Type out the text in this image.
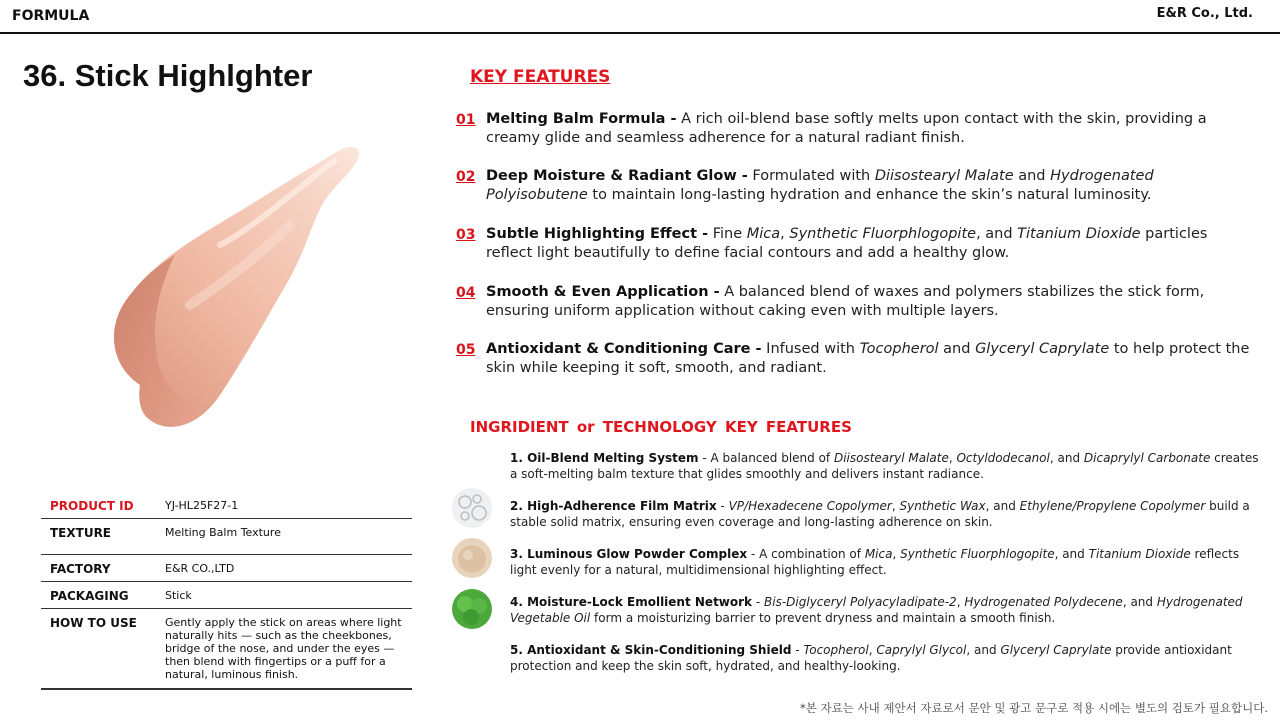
FORMULA	E&R Co., Ltd.
36. Stick Highlghter
PRODUCT ID	YJ-HL25F27-1
TEXTURE	Melting Balm Texture
FACTORY	E&R CO.,LTD
PACKAGING	Stick
HOW TO USE	Gently apply the stick on areas where light naturally hits — such as the cheekbones, bridge of the nose, and under the eyes — then blend with fingertips or a puff for a natural, luminous finish.
KEY FEATURES
01 Melting Balm Formula - A rich oil-blend base softly melts upon contact with the skin, providing a creamy glide and seamless adherence for a natural radiant finish.
02 Deep Moisture & Radiant Glow - Formulated with Diisostearyl Malate and Hydrogenated Polyisobutene to maintain long-lasting hydration and enhance the skin’s natural luminosity.
03 Subtle Highlighting Effect - Fine Mica, Synthetic Fluorphlogopite, and Titanium Dioxide particles reflect light beautifully to define facial contours and add a healthy glow.
04 Smooth & Even Application - A balanced blend of waxes and polymers stabilizes the stick form, ensuring uniform application without caking even with multiple layers.
05 Antioxidant & Conditioning Care - Infused with Tocopherol and Glyceryl Caprylate to help protect the skin while keeping it soft, smooth, and radiant.
INGRIDIENT or TECHNOLOGY KEY FEATURES
1. Oil-Blend Melting System - A balanced blend of Diisostearyl Malate, Octyldodecanol, and Dicaprylyl Carbonate creates a soft-melting balm texture that glides smoothly and delivers instant radiance.
2. High-Adherence Film Matrix - VP/Hexadecene Copolymer, Synthetic Wax, and Ethylene/Propylene Copolymer build a stable solid matrix, ensuring even coverage and long-lasting adherence on skin.
3. Luminous Glow Powder Complex - A combination of Mica, Synthetic Fluorphlogopite, and Titanium Dioxide reflects light evenly for a natural, multidimensional highlighting effect.
4. Moisture-Lock Emollient Network - Bis-Diglyceryl Polyacyladipate-2, Hydrogenated Polydecene, and Hydrogenated Vegetable Oil form a moisturizing barrier to prevent dryness and maintain a smooth finish.
5. Antioxidant & Skin-Conditioning Shield - Tocopherol, Caprylyl Glycol, and Glyceryl Caprylate provide antioxidant protection and keep the skin soft, hydrated, and healthy-looking.
*본 자료는 사내 제안서 자료로서 문안 및 광고 문구로 적용 시에는 별도의 검토가 필요합니다.
